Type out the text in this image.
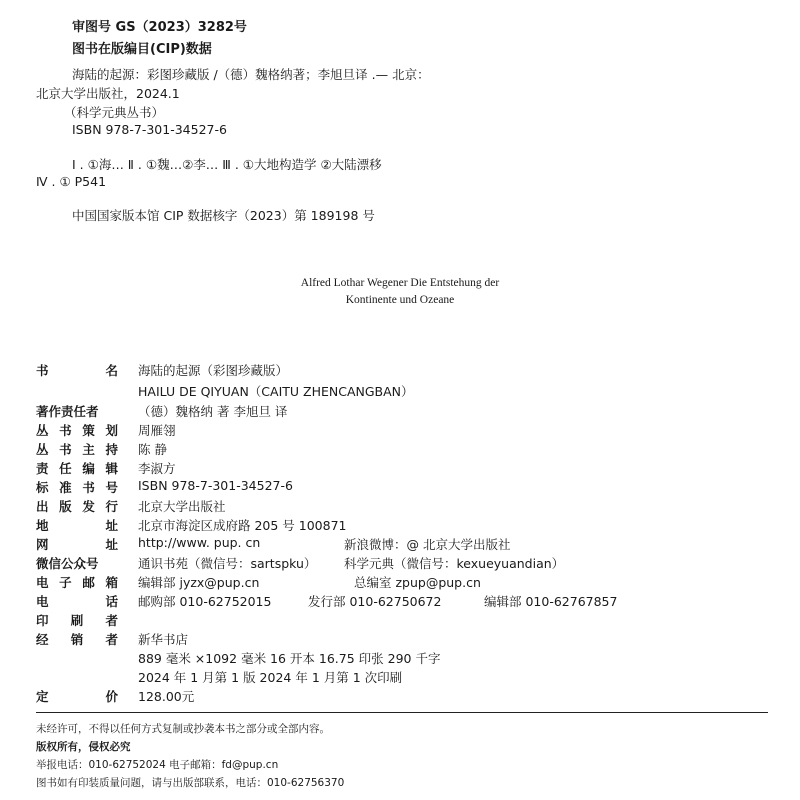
审图号 GS（2023）3282号
图书在版编目(CIP)数据
海陆的起源：彩图珍藏版 /（德）魏格纳著；李旭旦译 .— 北京：
北京大学出版社，2024.1
（科学元典丛书）
ISBN 978-7-301-34527-6
Ⅰ . ①海… Ⅱ . ①魏…②李… Ⅲ . ①大地构造学 ②大陆漂移
Ⅳ . ① P541
中国国家版本馆 CIP 数据核字（2023）第 189198 号
Alfred Lothar Wegener Die Entstehung der
Kontinente und Ozeane
书	名 海陆的起源（彩图珍藏版）
HAILU DE QIYUAN（CAITU ZHENCANGBAN）
著作责任者	（德）魏格纳 著 李旭旦 译
丛 书 策 划 周雁翎
丛 书 主 持 陈 静
责 任 编 辑 李淑方
标 准 书 号 ISBN 978-7-301-34527-6
出 版 发 行 北京大学出版社
地	址 北京市海淀区成府路 205 号 100871
网	址 http://www. pup. cn	新浪微博：@ 北京大学出版社
微信公众号	通识书苑（微信号：sartspku） 科学元典（微信号：kexueyuandian）
电 子 邮 箱 编辑部 jyzx@pup.cn	总编室 zpup@pup.cn
电	话 邮购部 010-62752015	发行部 010-62750672	编辑部 010-62767857
印 刷 者
经 销 者 新华书店
889 毫米 ×1092 毫米 16 开本 16.75 印张 290 千字
2024 年 1 月第 1 版 2024 年 1 月第 1 次印刷
定	价 128.00元
未经许可，不得以任何方式复制或抄袭本书之部分或全部内容。
版权所有，侵权必究
举报电话：010-62752024 电子邮箱：fd@pup.cn
图书如有印装质量问题，请与出版部联系，电话：010-62756370
